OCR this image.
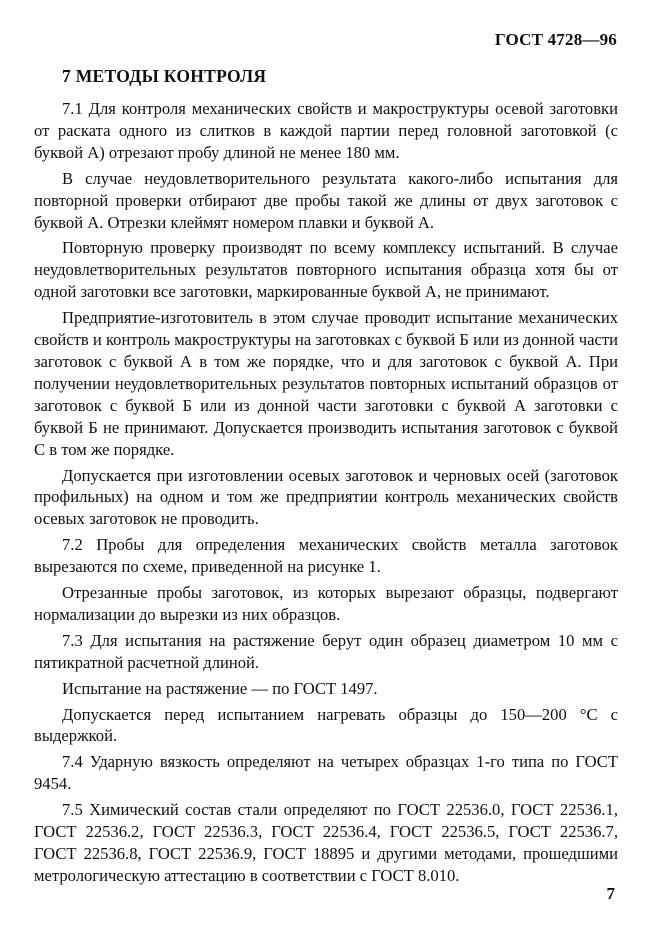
ГОСТ 4728—96
7 МЕТОДЫ КОНТРОЛЯ

7.1 Для контроля механических свойств и макроструктуры осевой заготовки от раската одного из слитков в каждой партии перед головной заготовкой (с буквой А) отрезают пробу длиной не менее 180 мм.

В случае неудовлетворительного результата какого-либо испытания для повторной проверки отбирают две пробы такой же длины от двух заготовок с буквой А. Отрезки клеймят номером плавки и буквой А.

Повторную проверку производят по всему комплексу испытаний. В случае неудовлетворительных результатов повторного испытания образца хотя бы от одной заготовки все заготовки, маркированные буквой А, не принимают.

Предприятие-изготовитель в этом случае проводит испытание механических свойств и контроль макроструктуры на заготовках с буквой Б или из донной части заготовок с буквой А в том же порядке, что и для заготовок с буквой А. При получении неудовлетворительных результатов повторных испытаний образцов от заготовок с буквой Б или из донной части заготовки с буквой А заготовки с буквой Б не принимают. Допускается производить испытания заготовок с буквой С в том же порядке.

Допускается при изготовлении осевых заготовок и черновых осей (заготовок профильных) на одном и том же предприятии контроль механических свойств осевых заготовок не проводить.

7.2 Пробы для определения механических свойств металла заготовок вырезаются по схеме, приведенной на рисунке 1.

Отрезанные пробы заготовок, из которых вырезают образцы, подвергают нормализации до вырезки из них образцов.

7.3 Для испытания на растяжение берут один образец диаметром 10 мм с пятикратной расчетной длиной.

Испытание на растяжение — по ГОСТ 1497.

Допускается перед испытанием нагревать образцы до 150—200 °С с выдержкой.

7.4 Ударную вязкость определяют на четырех образцах 1-го типа по ГОСТ 9454.

7.5 Химический состав стали определяют по ГОСТ 22536.0, ГОСТ 22536.1, ГОСТ 22536.2, ГОСТ 22536.3, ГОСТ 22536.4, ГОСТ 22536.5, ГОСТ 22536.7, ГОСТ 22536.8, ГОСТ 22536.9, ГОСТ 18895 и другими методами, прошедшими метрологическую аттестацию в соответствии с ГОСТ 8.010.

7
